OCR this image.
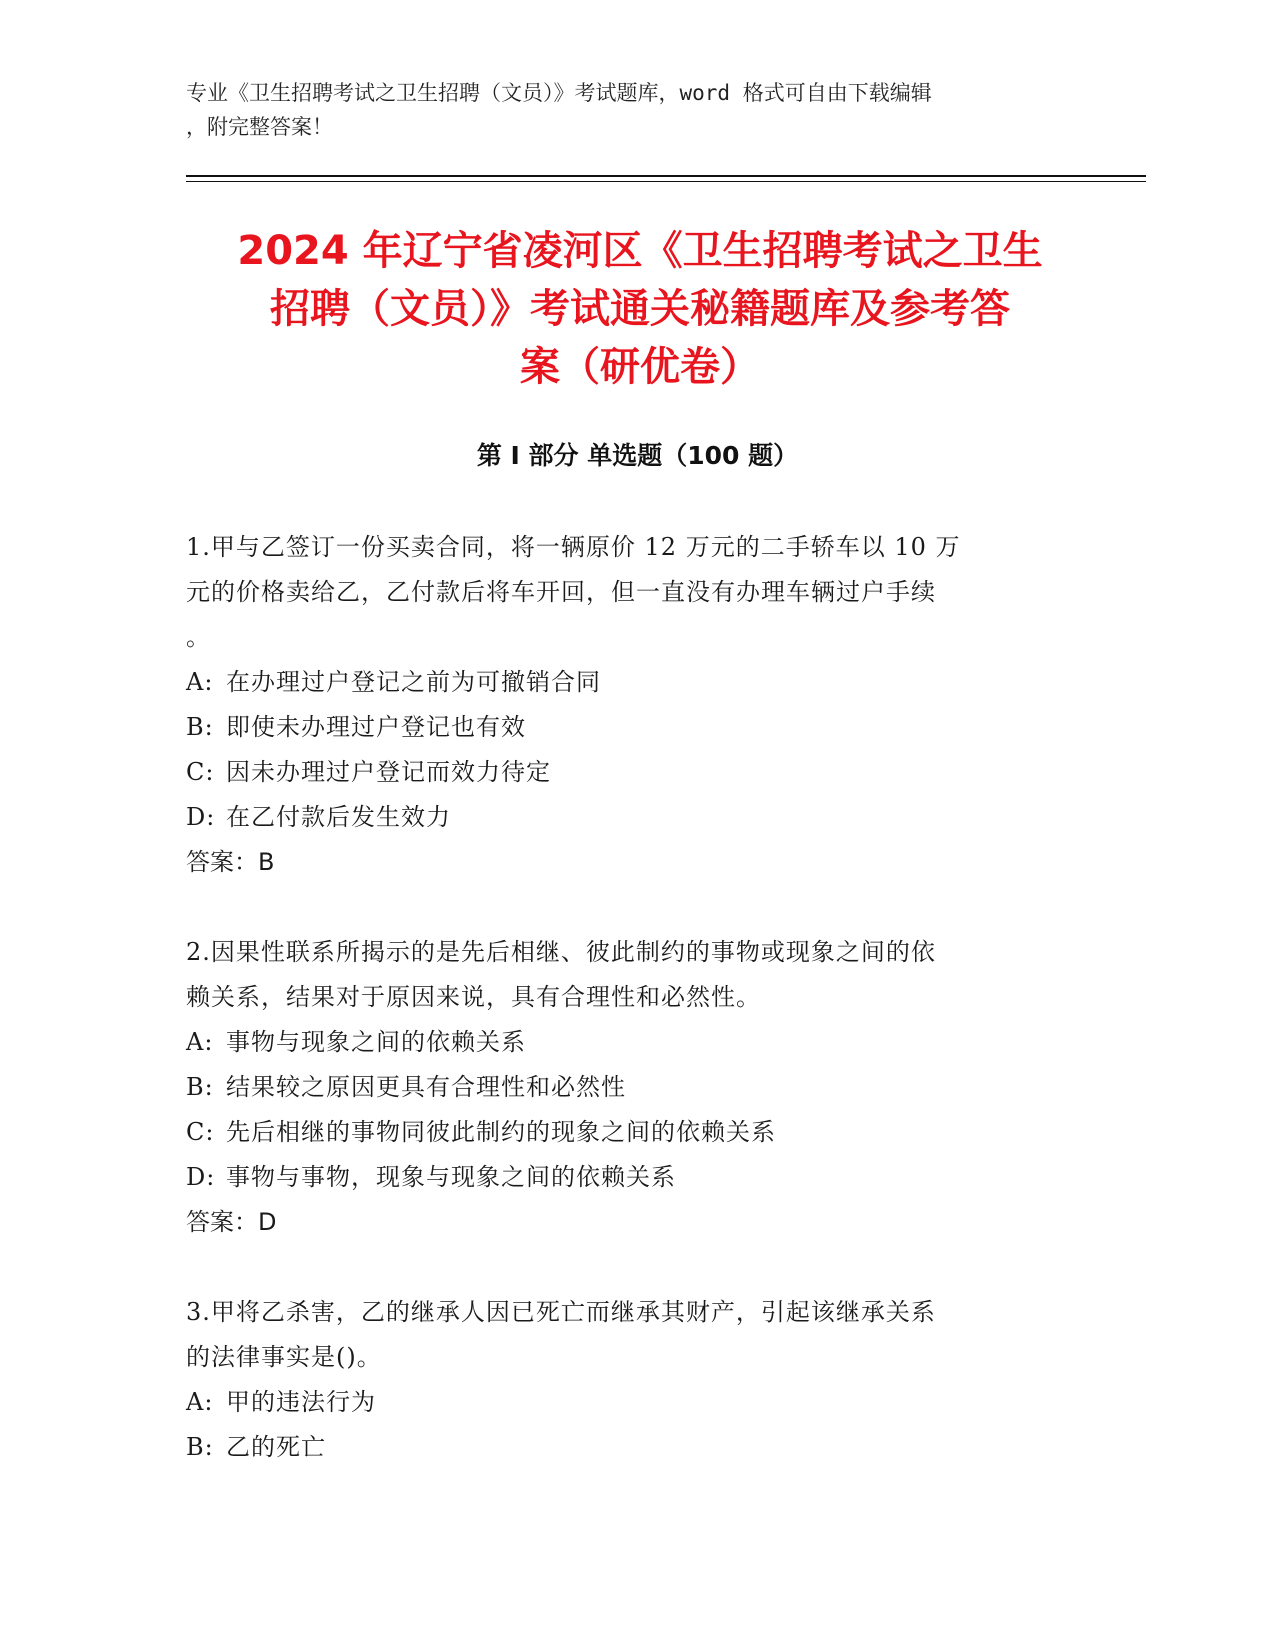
专业《卫生招聘考试之卫生招聘（文员）》考试题库，word 格式可自由下载编辑
，附完整答案！
2024 年辽宁省凌河区《卫生招聘考试之卫生
招聘（文员）》考试通关秘籍题库及参考答
案（研优卷）
第 I 部分 单选题（100 题）

1.甲与乙签订一份买卖合同，将一辆原价 12 万元的二手轿车以 10 万

元的价格卖给乙，乙付款后将车开回，但一直没有办理车辆过户手续

。

A: 在办理过户登记之前为可撤销合同

B: 即使未办理过户登记也有效

C: 因未办理过户登记而效力待定

D: 在乙付款后发生效力

答案：B

2.因果性联系所揭示的是先后相继、彼此制约的事物或现象之间的依

赖关系，结果对于原因来说，具有合理性和必然性。

A: 事物与现象之间的依赖关系

B: 结果较之原因更具有合理性和必然性

C: 先后相继的事物同彼此制约的现象之间的依赖关系

D: 事物与事物，现象与现象之间的依赖关系

答案：D

3.甲将乙杀害，乙的继承人因已死亡而继承其财产，引起该继承关系

的法律事实是()。

A: 甲的违法行为

B: 乙的死亡
